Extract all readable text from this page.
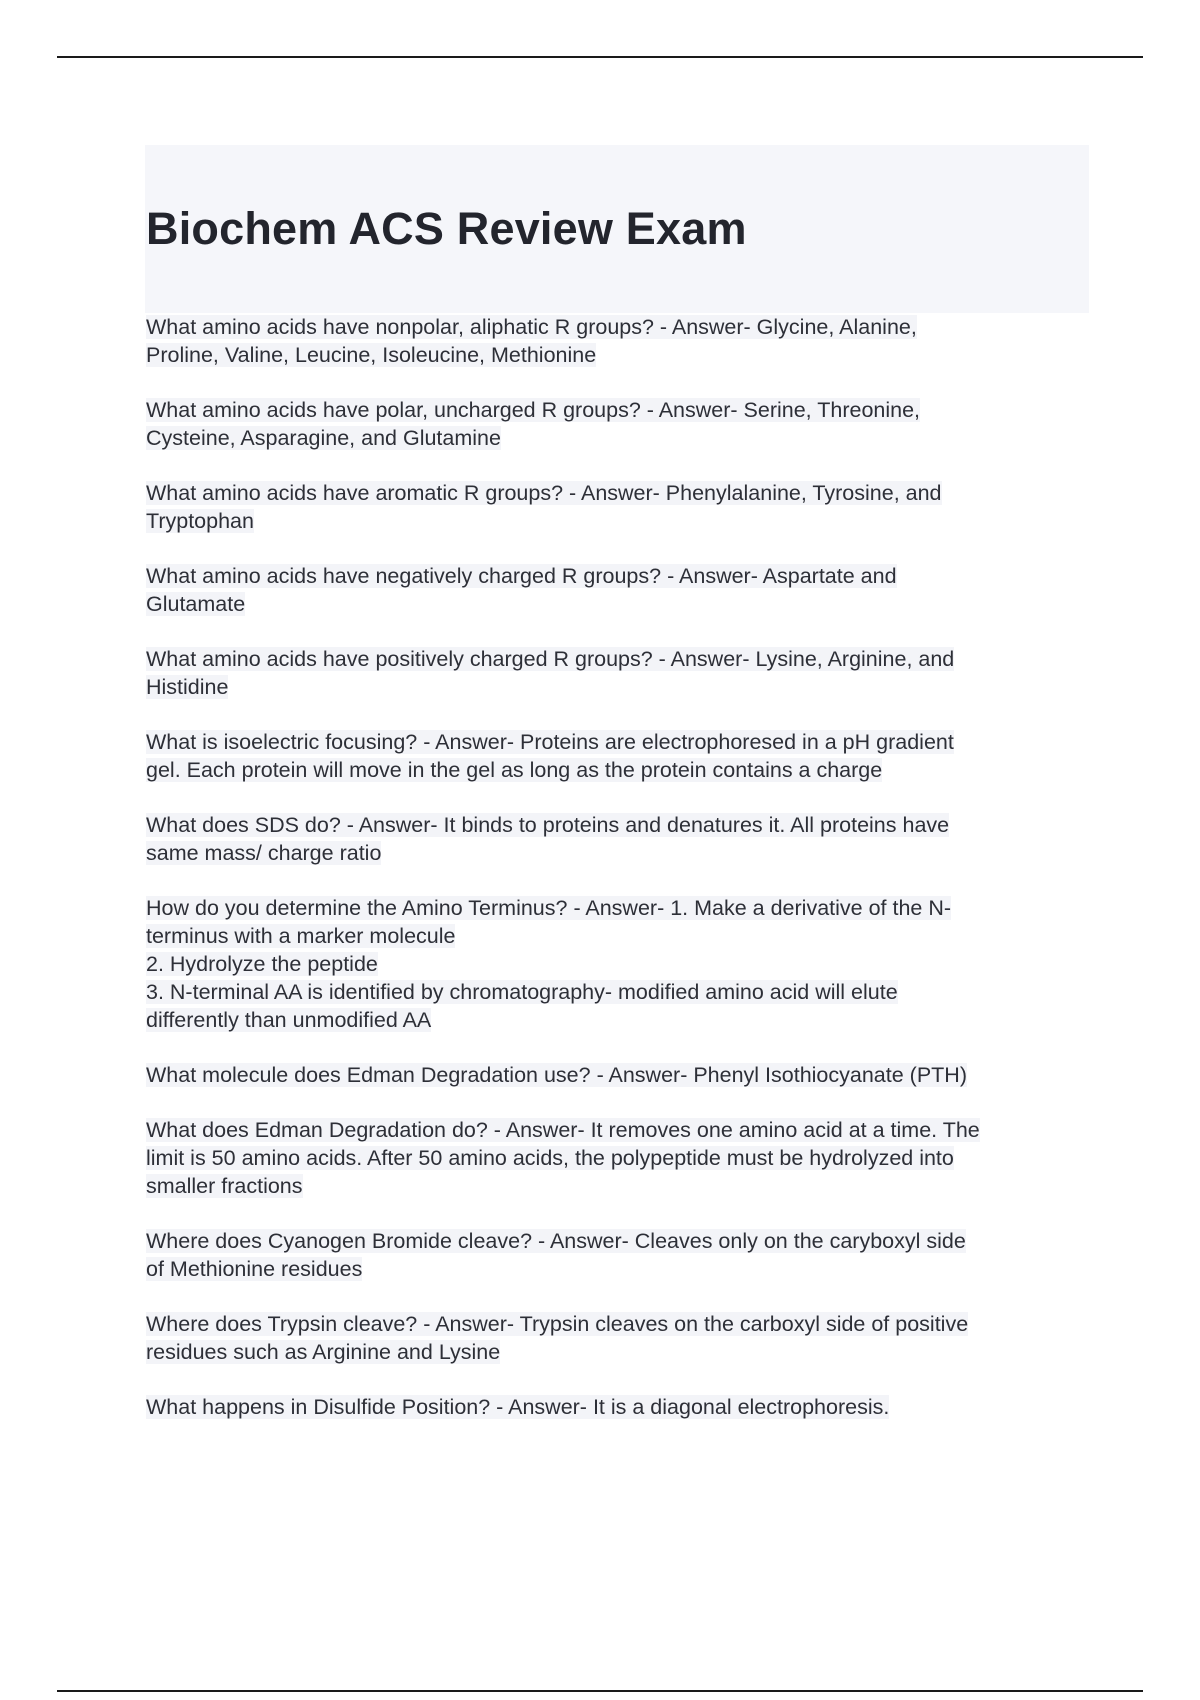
Biochem ACS Review Exam

What amino acids have nonpolar, aliphatic R groups? - Answer- Glycine, Alanine,
Proline, Valine, Leucine, Isoleucine, Methionine

What amino acids have polar, uncharged R groups? - Answer- Serine, Threonine,
Cysteine, Asparagine, and Glutamine

What amino acids have aromatic R groups? - Answer- Phenylalanine, Tyrosine, and
Tryptophan

What amino acids have negatively charged R groups? - Answer- Aspartate and
Glutamate

What amino acids have positively charged R groups? - Answer- Lysine, Arginine, and
Histidine

What is isoelectric focusing? - Answer- Proteins are electrophoresed in a pH gradient
gel. Each protein will move in the gel as long as the protein contains a charge

What does SDS do? - Answer- It binds to proteins and denatures it. All proteins have
same mass/ charge ratio

How do you determine the Amino Terminus? - Answer- 1. Make a derivative of the N-
terminus with a marker molecule
2. Hydrolyze the peptide
3. N-terminal AA is identified by chromatography- modified amino acid will elute
differently than unmodified AA

What molecule does Edman Degradation use? - Answer- Phenyl Isothiocyanate (PTH)

What does Edman Degradation do? - Answer- It removes one amino acid at a time. The
limit is 50 amino acids. After 50 amino acids, the polypeptide must be hydrolyzed into
smaller fractions

Where does Cyanogen Bromide cleave? - Answer- Cleaves only on the caryboxyl side
of Methionine residues

Where does Trypsin cleave? - Answer- Trypsin cleaves on the carboxyl side of positive
residues such as Arginine and Lysine

What happens in Disulfide Position? - Answer- It is a diagonal electrophoresis.
